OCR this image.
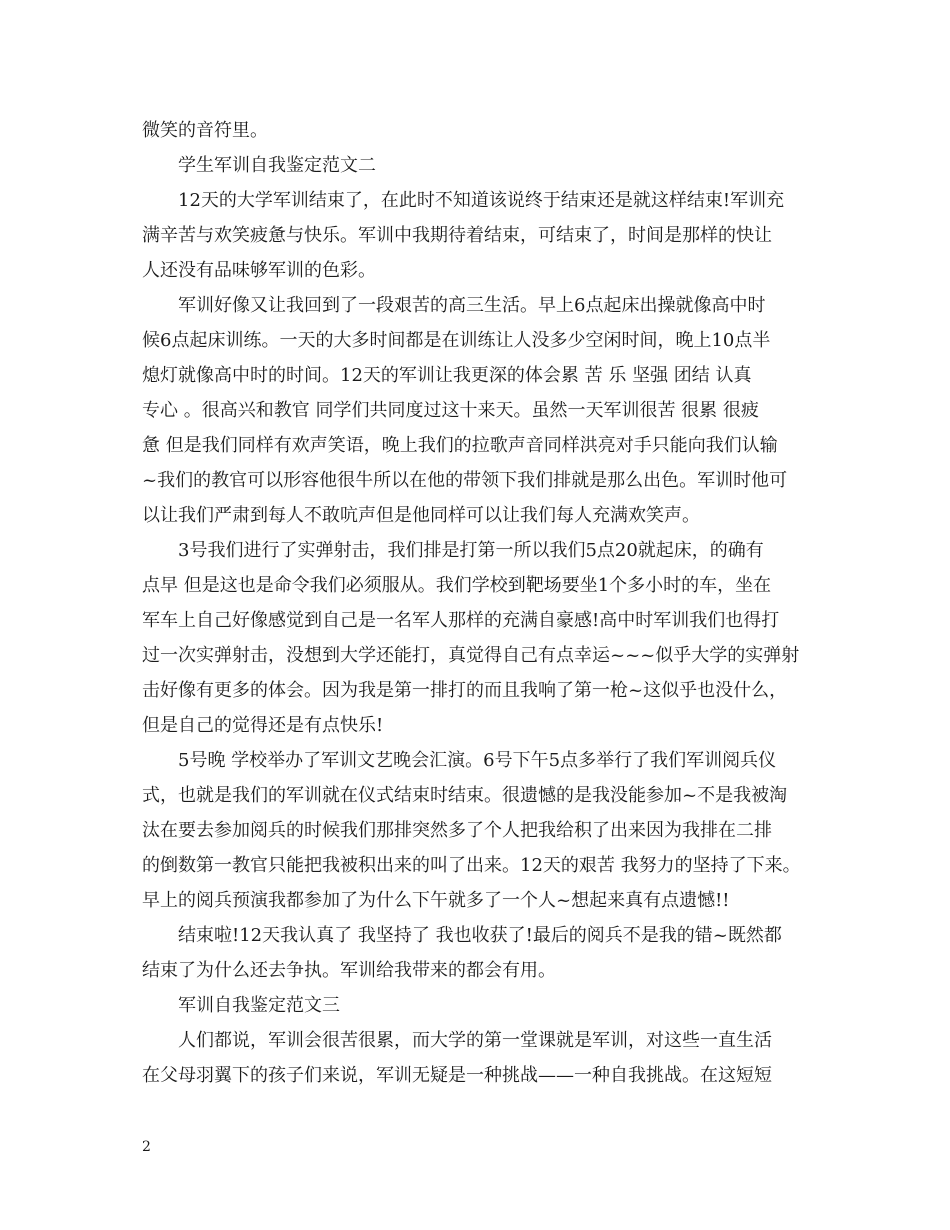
微笑的音符里。
学生军训自我鉴定范文二
12天的大学军训结束了，在此时不知道该说终于结束还是就这样结束!军训充
满辛苦与欢笑疲惫与快乐。军训中我期待着结束，可结束了，时间是那样的快让
人还没有品味够军训的色彩。
军训好像又让我回到了一段艰苦的高三生活。早上6点起床出操就像高中时
候6点起床训练。一天的大多时间都是在训练让人没多少空闲时间，晚上10点半
熄灯就像高中时的时间。12天的军训让我更深的体会累 苦 乐 坚强 团结 认真
专心 。很高兴和教官 同学们共同度过这十来天。虽然一天军训很苦 很累 很疲
惫 但是我们同样有欢声笑语，晚上我们的拉歌声音同样洪亮对手只能向我们认输
~我们的教官可以形容他很牛所以在他的带领下我们排就是那么出色。军训时他可
以让我们严肃到每人不敢吭声但是他同样可以让我们每人充满欢笑声。
3号我们进行了实弹射击，我们排是打第一所以我们5点20就起床，的确有
点早 但是这也是命令我们必须服从。我们学校到靶场要坐1个多小时的车，坐在
军车上自己好像感觉到自己是一名军人那样的充满自豪感!高中时军训我们也得打
过一次实弹射击，没想到大学还能打，真觉得自己有点幸运~~~似乎大学的实弹射
击好像有更多的体会。因为我是第一排打的而且我响了第一枪~这似乎也没什么，
但是自己的觉得还是有点快乐!
5号晚 学校举办了军训文艺晚会汇演。6号下午5点多举行了我们军训阅兵仪
式，也就是我们的军训就在仪式结束时结束。很遗憾的是我没能参加~不是我被淘
汰在要去参加阅兵的时候我们那排突然多了个人把我给积了出来因为我排在二排
的倒数第一教官只能把我被积出来的叫了出来。12天的艰苦 我努力的坚持了下来。
早上的阅兵预演我都参加了为什么下午就多了一个人~想起来真有点遗憾!!
结束啦!12天我认真了 我坚持了 我也收获了!最后的阅兵不是我的错~既然都
结束了为什么还去争执。军训给我带来的都会有用。
军训自我鉴定范文三
人们都说，军训会很苦很累，而大学的第一堂课就是军训，对这些一直生活
在父母羽翼下的孩子们来说，军训无疑是一种挑战——一种自我挑战。在这短短
2
